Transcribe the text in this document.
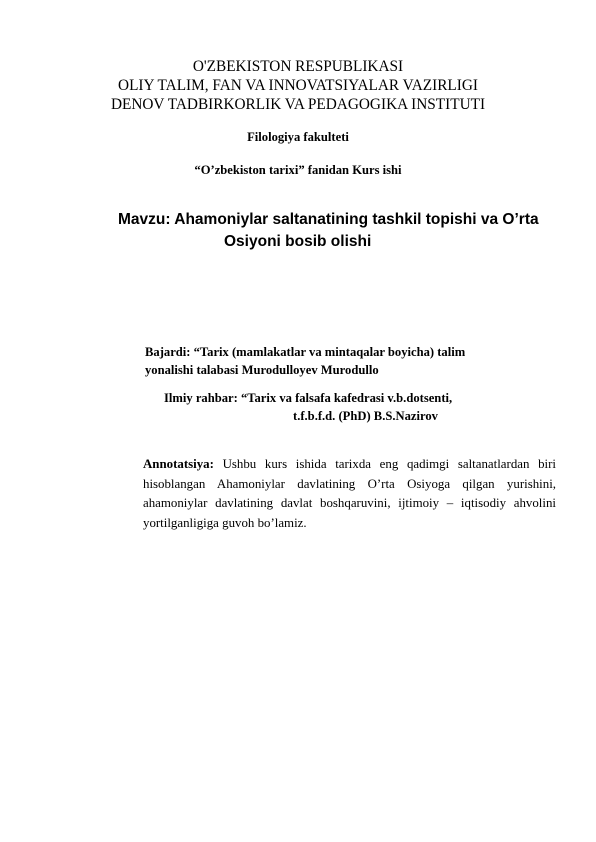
O'ZBEKISTON RESPUBLIKASI
OLIY TALIM, FAN VA INNOVATSIYALAR VAZIRLIGI
DENOV TADBIRKORLIK VA PEDAGOGIKA INSTITUTI
Filologiya fakulteti
“O’zbekiston tarixi” fanidan Kurs ishi
Mavzu: Ahamoniylar saltanatining tashkil topishi va O’rta
Osiyoni bosib olishi
Bajardi: “Tarix (mamlakatlar va mintaqalar boyicha) talim
yonalishi talabasi Murodulloyev Murodullo
Ilmiy rahbar: “Tarix va falsafa kafedrasi v.b.dotsenti,
t.f.b.f.d. (PhD) B.S.Nazirov
Annotatsiya: Ushbu kurs ishida tarixda eng qadimgi saltanatlardan biri hisoblangan Ahamoniylar davlatining O’rta Osiyoga qilgan yurishini, ahamoniylar davlatining davlat boshqaruvini, ijtimoiy – iqtisodiy ahvolini yortilganligiga guvoh bo’lamiz.
